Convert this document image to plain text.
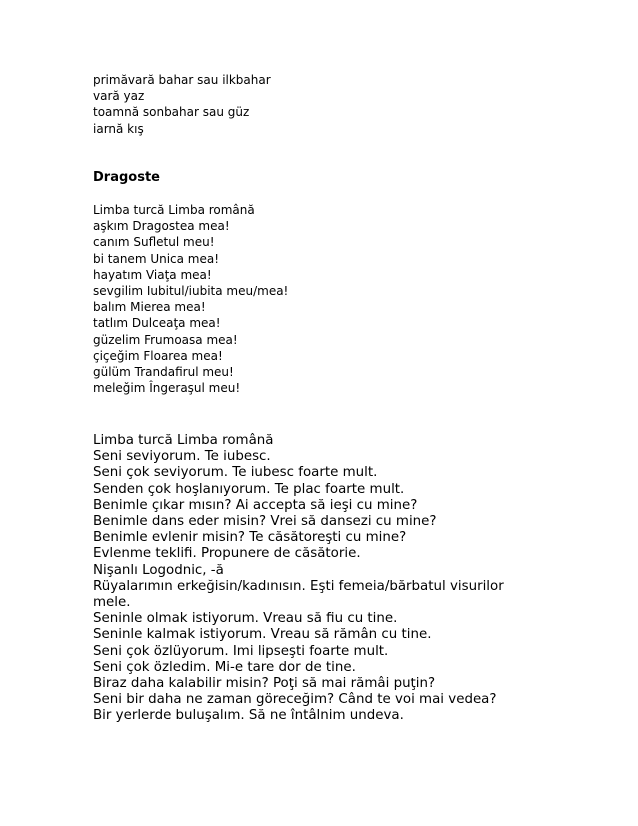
primăvară bahar sau ilkbahar

vară yaz

toamnă sonbahar sau güz

iarnă kış

Dragoste

Limba turcă Limba română

aşkım Dragostea mea!

canım Sufletul meu!

bi tanem Unica mea!

hayatım Viaţa mea!

sevgilim Iubitul/iubita meu/mea!

balım Mierea mea!

tatlım Dulceaţa mea!

güzelim Frumoasa mea!

çiçeğim Floarea mea!

gülüm Trandafirul meu!

meleğim Îngeraşul meu!

Limba turcă Limba română

Seni seviyorum. Te iubesc.

Seni çok seviyorum. Te iubesc foarte mult.

Senden çok hoşlanıyorum. Te plac foarte mult.

Benimle çıkar mısın? Ai accepta să ieşi cu mine?

Benimle dans eder misin? Vrei să dansezi cu mine?

Benimle evlenir misin? Te căsătoreşti cu mine?

Evlenme teklifi. Propunere de căsătorie.

Nişanlı Logodnic, -ă

Rüyalarımın erkeğisin/kadınısın. Eşti femeia/bărbatul visurilor mele.

Seninle olmak istiyorum. Vreau să fiu cu tine.

Seninle kalmak istiyorum. Vreau să rămân cu tine.

Seni çok özlüyorum. Imi lipseşti foarte mult.

Seni çok özledim. Mi-e tare dor de tine.

Biraz daha kalabilir misin? Poţi să mai rămâi puţin?

Seni bir daha ne zaman göreceğim? Când te voi mai vedea?

Bir yerlerde buluşalım. Să ne întâlnim undeva.
